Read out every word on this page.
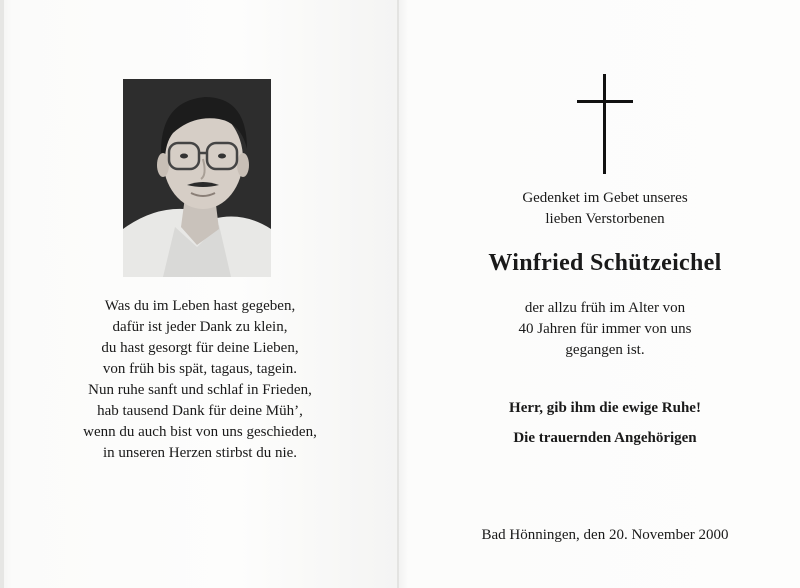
Was du im Leben hast gegeben,
dafür ist jeder Dank zu klein,
du hast gesorgt für deine Lieben,
von früh bis spät, tagaus, tagein.
Nun ruhe sanft und schlaf in Frieden,
hab tausend Dank für deine Müh’,
wenn du auch bist von uns geschieden,
in unseren Herzen stirbst du nie.
Gedenket im Gebet unseres
lieben Verstorbenen
Winfried Schützeichel
der allzu früh im Alter von
40 Jahren für immer von uns
gegangen ist.
Herr, gib ihm die ewige Ruhe!
Die trauernden Angehörigen
Bad Hönningen, den 20. November 2000
